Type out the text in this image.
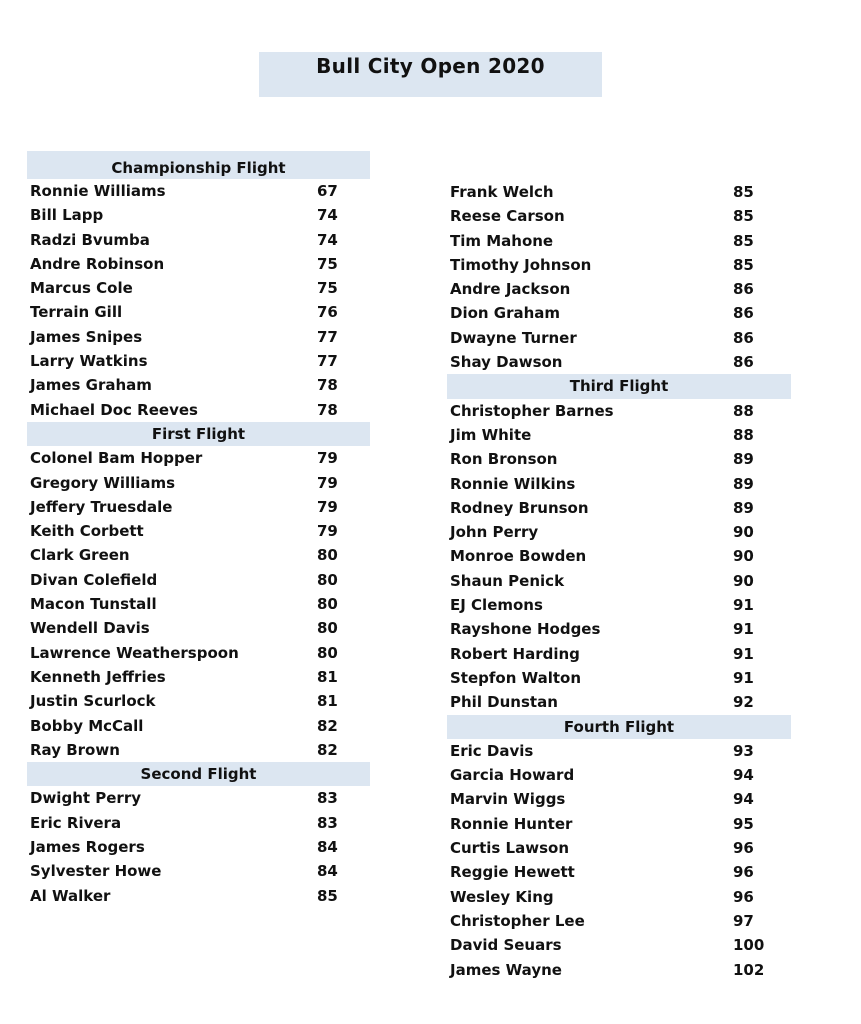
Bull City Open 2020
Championship Flight
Ronnie Williams	67
Bill Lapp	74
Radzi Bvumba	74
Andre Robinson	75
Marcus Cole	75
Terrain Gill	76
James Snipes	77
Larry Watkins	77
James Graham	78
Michael Doc Reeves	78
First Flight
Colonel Bam Hopper	79
Gregory Williams	79
Jeffery Truesdale	79
Keith Corbett	79
Clark Green	80
Divan Colefield	80
Macon Tunstall	80
Wendell Davis	80
Lawrence Weatherspoon	80
Kenneth Jeffries	81
Justin Scurlock	81
Bobby McCall	82
Ray Brown	82
Second Flight
Dwight Perry	83
Eric Rivera	83
James Rogers	84
Sylvester Howe	84
Al Walker	85
Frank Welch	85
Reese Carson	85
Tim Mahone	85
Timothy Johnson	85
Andre Jackson	86
Dion Graham	86
Dwayne Turner	86
Shay Dawson	86
Third Flight
Christopher Barnes	88
Jim White	88
Ron Bronson	89
Ronnie Wilkins	89
Rodney Brunson	89
John Perry	90
Monroe Bowden	90
Shaun Penick	90
EJ Clemons	91
Rayshone Hodges	91
Robert Harding	91
Stepfon Walton	91
Phil Dunstan	92
Fourth Flight
Eric Davis	93
Garcia Howard	94
Marvin Wiggs	94
Ronnie Hunter	95
Curtis Lawson	96
Reggie Hewett	96
Wesley King	96
Christopher Lee	97
David Seuars	100
James Wayne	102
